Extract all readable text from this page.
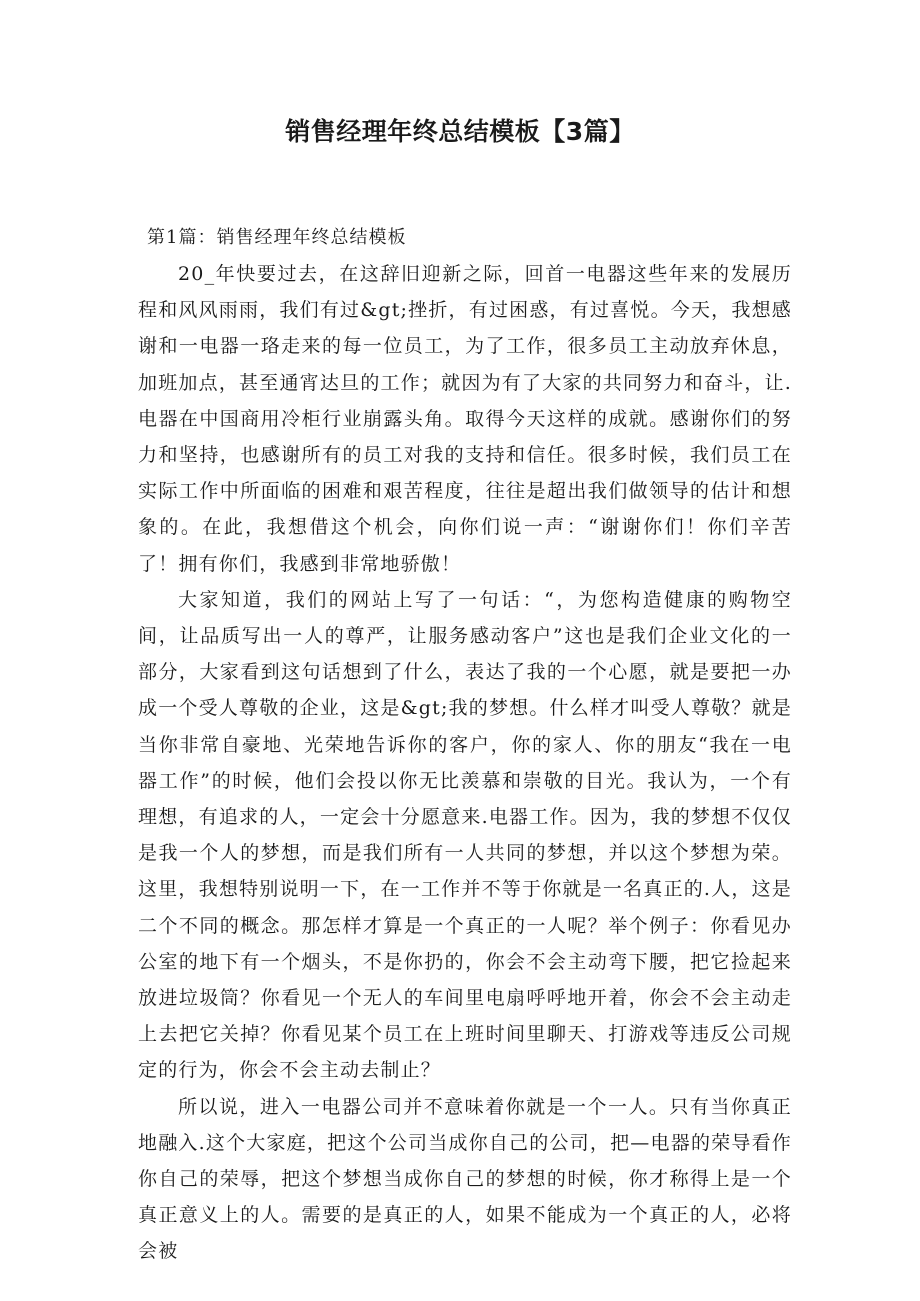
销售经理年终总结模板【3篇】

第1篇：销售经理年终总结模板

20_年快要过去，在这辞旧迎新之际，回首一电器这些年来的发展历程和风风雨雨，我们有过&gt;挫折，有过困惑，有过喜悦。今天，我想感谢和一电器一珞走来的每一位员工，为了工作，很多员工主动放弃休息，加班加点，甚至通宵达旦的工作；就因为有了大家的共同努力和奋斗，让.电器在中国商用冷柜行业崩露头角。取得今天这样的成就。感谢你们的努力和坚持，也感谢所有的员工对我的支持和信任。很多时候，我们员工在实际工作中所面临的困难和艰苦程度，往往是超出我们做领导的估计和想象的。在此，我想借这个机会，向你们说一声：“谢谢你们！你们辛苦了！拥有你们，我感到非常地骄傲！

大家知道，我们的网站上写了一句话：“，为您构造健康的购物空间，让品质写出一人的尊严，让服务感动客户”这也是我们企业文化的一部分，大家看到这句话想到了什么，表达了我的一个心愿，就是要把一办成一个受人尊敬的企业，这是&gt;我的梦想。什么样才叫受人尊敬？就是当你非常自豪地、光荣地告诉你的客户，你的家人、你的朋友“我在一电器工作”的时候，他们会投以你无比羡慕和崇敬的目光。我认为，一个有理想，有追求的人，一定会十分愿意来.电器工作。因为，我的梦想不仅仅是我一个人的梦想，而是我们所有一人共同的梦想，并以这个梦想为荣。这里，我想特别说明一下，在一工作并不等于你就是一名真正的.人，这是二个不同的概念。那怎样才算是一个真正的一人呢？举个例子：你看见办公室的地下有一个烟头，不是你扔的，你会不会主动弯下腰，把它捡起来放进垃圾筒？你看见一个无人的车间里电扇呼呼地开着，你会不会主动走上去把它关掉？你看见某个员工在上班时间里聊天、打游戏等违反公司规定的行为，你会不会主动去制止？

所以说，进入一电器公司并不意味着你就是一个一人。只有当你真正地融入.这个大家庭，把这个公司当成你自己的公司，把—电器的荣导看作你自己的荣辱，把这个梦想当成你自己的梦想的时候，你才称得上是一个真正意义上的人。需要的是真正的人，如果不能成为一个真正的人，必将会被
